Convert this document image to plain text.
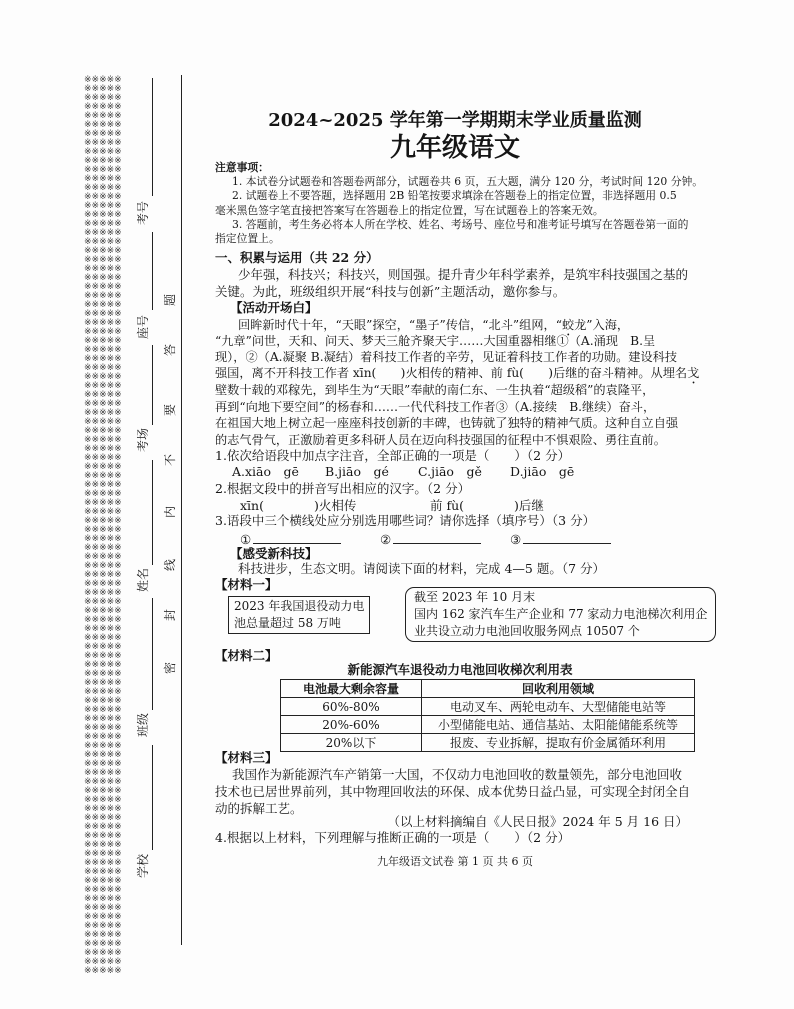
※※※※※
※※※※※
※※※※※
※※※※※
※※※※※
※※※※※
※※※※※
※※※※※
※※※※※
※※※※※
※※※※※
※※※※※
※※※※※
※※※※※
※※※※※
※※※※※
※※※※※
※※※※※
※※※※※
※※※※※
※※※※※
※※※※※
※※※※※
※※※※※
※※※※※
※※※※※
※※※※※
※※※※※
※※※※※
※※※※※
※※※※※
※※※※※
※※※※※
※※※※※
※※※※※
※※※※※
※※※※※
※※※※※
※※※※※
※※※※※
※※※※※
※※※※※
※※※※※
※※※※※
※※※※※
※※※※※
※※※※※
※※※※※
※※※※※
※※※※※
※※※※※
※※※※※
※※※※※
※※※※※
※※※※※
※※※※※
※※※※※
※※※※※
※※※※※
※※※※※
※※※※※
※※※※※
※※※※※
※※※※※
※※※※※
※※※※※
※※※※※
※※※※※
※※※※※
※※※※※
※※※※※
※※※※※
※※※※※
※※※※※
※※※※※
※※※※※
※※※※※
※※※※※
※※※※※
※※※※※
※※※※※
※※※※※
※※※※※
※※※※※
※※※※※
※※※※※
※※※※※
※※※※※
※※※※※
※※※※※
※※※※※
※※※※※
※※※※※
※※※※※
※※※※※
※※※※※
※※※※※
※※※※※
※※※※※
※※※※※
考号
座号
考场
姓名
班级
学校
密
封
线
内
不
要
答
题
2024~2025 学年第一学期期末学业质量监测
九年级语文
注意事项：
1. 本试卷分试题卷和答题卷两部分，试题卷共 6 页，五大题，满分 120 分，考试时间 120 分钟。
2. 试题卷上不要答题，选择题用 2B 铅笔按要求填涂在答题卷上的指定位置，非选择题用 0.5
毫米黑色签字笔直接把答案写在答题卷上的指定位置，写在试题卷上的答案无效。
3. 答题前，考生务必将本人所在学校、姓名、考场号、座位号和准考证号填写在答题卷第一面的
指定位置上。
一、积累与运用（共 22 分）
少年强，科技兴；科技兴，则国强。提升青少年科学素养，是筑牢科技强国之基的
关键。为此，班级组织开展“科技与创新”主题活动，邀你参与。
【活动开场白】
回眸新时代十年，“天眼”探空，“墨子”传信，“北斗”组网，“蛟龙”入海，
“九章”问世，天和、问天、梦天三舱齐聚天宇……大国重器相继①（A.涌现　B.呈
现），②（A.凝聚 B.凝结）着科技工作者的辛劳，见证着科技工作者的功勋。建设科技
强国，离不开科技工作者 xīn(　　)火相传的精神、前 fù(　　)后继的奋斗精神。从埋名戈
壁数十载的邓稼先，到毕生为“天眼”奉献的南仁东、一生执着“超级稻”的袁隆平，
再到“向地下要空间”的杨春和……一代代科技工作者③（A.接续　B.继续）奋斗，
在祖国大地上树立起一座座科技创新的丰碑，也铸就了独特的精神气质。这种自立自强
的志气骨气，正激励着更多科研人员在迈向科技强国的征程中不惧艰险、勇往直前。
1.依次给语段中加点字注音，全部正确的一项是（　　）（2 分）
A.xiāo　gē B.jiāo　gé C.jiāo　gě D.jiāo　gē
2.根据文段中的拼音写出相应的汉字。（2 分）
xīn(　　　　)火相传	前 fù(　　　　)后继
3.语段中三个横线处应分别选用哪些词？请你选择（填序号）（3 分）
①	②	③
【感受新科技】
科技进步，生态文明。请阅读下面的材料，完成 4—5 题。（7 分）
【材料一】
2023 年我国退役动力电
池总量超过 58 万吨
截至 2023 年 10 月末
国内 162 家汽车生产企业和 77 家动力电池梯次利用企
业共设立动力电池回收服务网点 10507 个
【材料二】
新能源汽车退役动力电池回收梯次利用表
电池最大剩余容量	回收利用领域
60%-80%	电动叉车、两轮电动车、大型储能电站等
20%-60%	小型储能电站、通信基站、太阳能储能系统等
20%以下	报废、专业拆解，提取有价金属循环利用
【材料三】
我国作为新能源汽车产销第一大国，不仅动力电池回收的数量领先，部分电池回收
技术也已居世界前列，其中物理回收法的环保、成本优势日益凸显，可实现全封闭全自
动的拆解工艺。
（以上材料摘编自《人民日报》2024 年 5 月 16 日）
4.根据以上材料，下列理解与推断正确的一项是（　　）（2 分）
九年级语文试卷 第 1 页 共 6 页
